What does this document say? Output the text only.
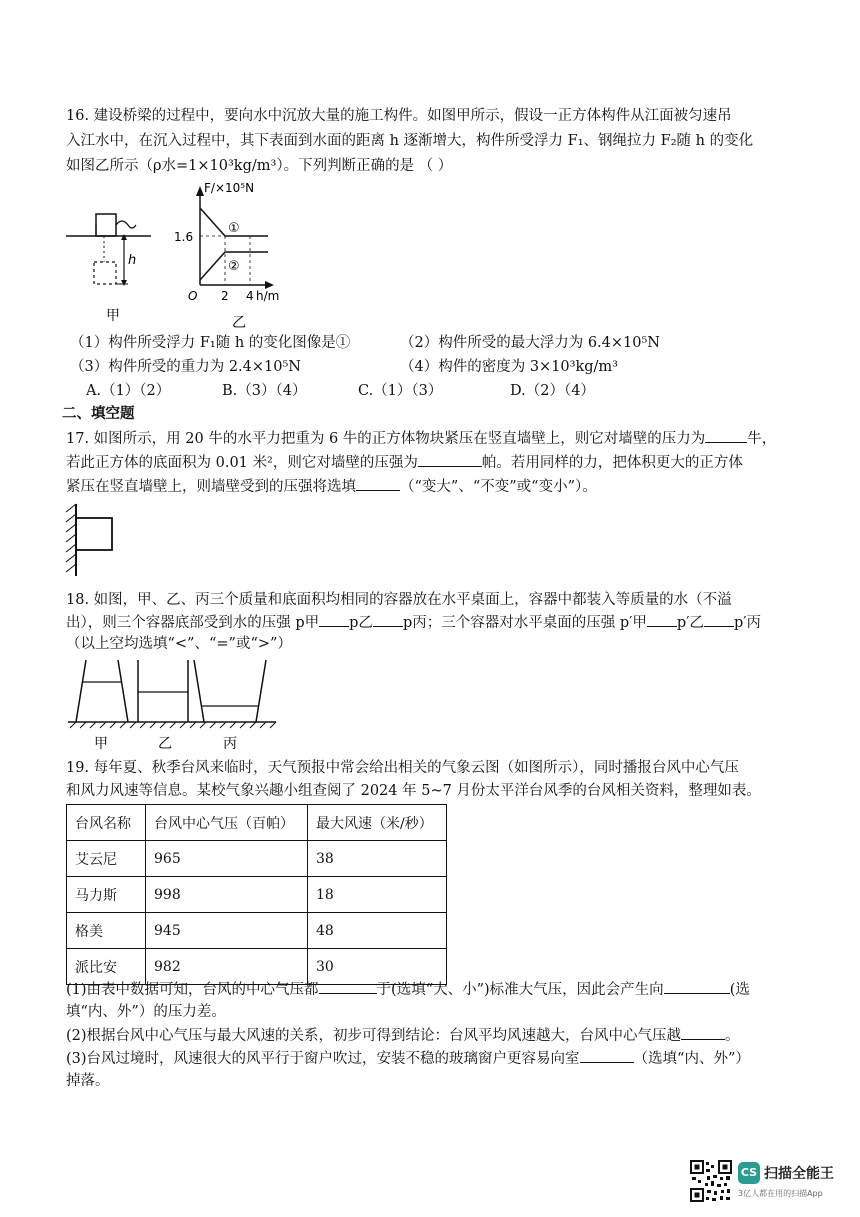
16. 建设桥梁的过程中，要向水中沉放大量的施工构件。如图甲所示，假设一正方体构件从江面被匀速吊
入江水中，在沉入过程中，其下表面到水面的距离 h 逐渐增大，构件所受浮力 F₁、钢绳拉力 F₂随 h 的变化
如图乙所示（ρ水=1×10³kg/m³）。下列判断正确的是 （ ）
h
甲
F/×10⁵N
h/m
O
1.6
2 4
①
②
乙
（1）构件所受浮力 F₁随 h 的变化图像是①	（2）构件所受的最大浮力为 6.4×10⁵N
（3）构件所受的重力为 2.4×10⁵N	（4）构件的密度为 3×10³kg/m³
A.（1）（2）	B.（3）（4）	C.（1）（3）	D.（2）（4）
二、填空题
17. 如图所示，用 20 牛的水平力把重为 6 牛的正方体物块紧压在竖直墙壁上，则它对墙壁的压力为	牛，
若此正方体的底面积为 0.01 米²，则它对墙壁的压强为	帕。若用同样的力，把体积更大的正方体
紧压在竖直墙壁上，则墙壁受到的压强将选填	（“变大”、“不变”或“变小”）。
18. 如图，甲、乙、丙三个质量和底面积均相同的容器放在水平桌面上，容器中都装入等质量的水（不溢
出），则三个容器底部受到水的压强 p甲 p乙 p丙；三个容器对水平桌面的压强 p′甲 p′乙 p′丙
（以上空均选填“<”、“=”或“>”）
甲	乙	丙
19. 每年夏、秋季台风来临时，天气预报中常会给出相关的气象云图（如图所示），同时播报台风中心气压
和风力风速等信息。某校气象兴趣小组查阅了 2024 年 5~7 月份太平洋台风季的台风相关资料，整理如表。
台风名称	台风中心气压（百帕）	最大风速（米/秒）
艾云尼	965	38
马力斯	998	18
格美	945	48
派比安	982	30
(1)由表中数据可知，台风的中心气压都	于(选填“大、小”)标准大气压，因此会产生向	(选
填“内、外”）的压力差。
(2)根据台风中心气压与最大风速的关系，初步可得到结论：台风平均风速越大，台风中心气压越	。
(3)台风过境时，风速很大的风平行于窗户吹过，安装不稳的玻璃窗户更容易向室	（选填“内、外”）
掉落。
CS 扫描全能王
3亿人都在用的扫描App
